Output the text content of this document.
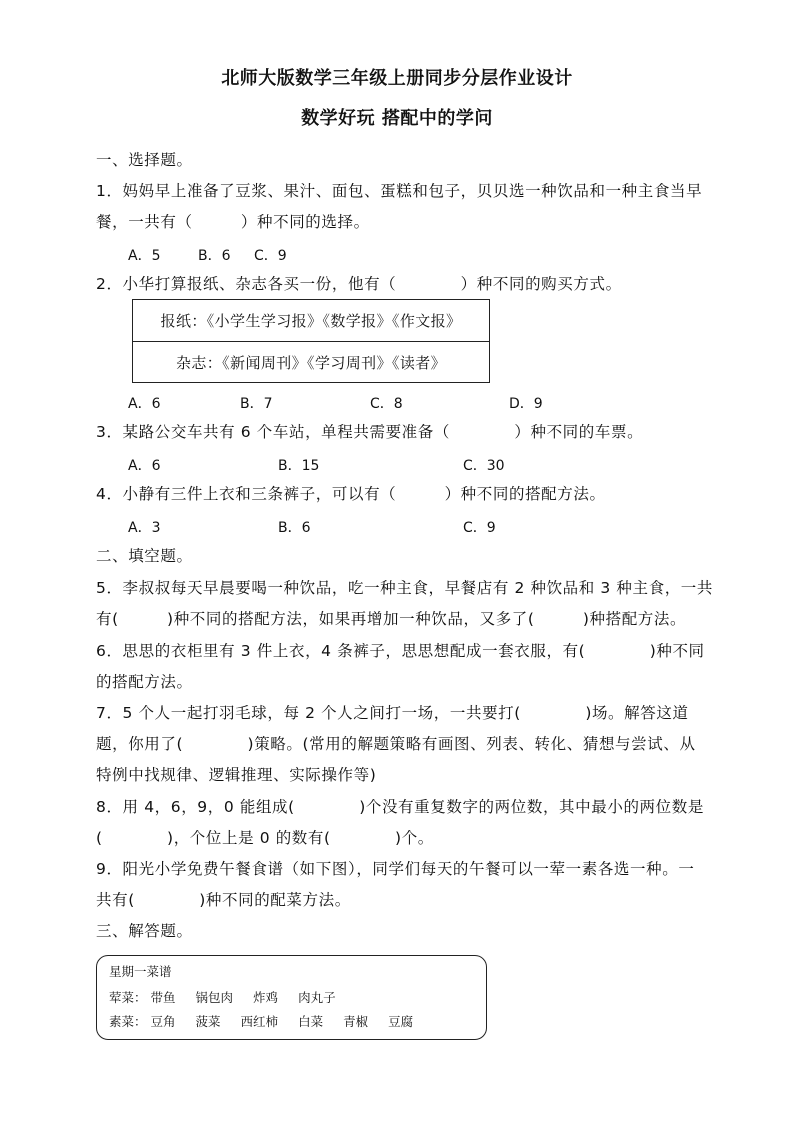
北师大版数学三年级上册同步分层作业设计
数学好玩 搭配中的学问
一、选择题。
1．妈妈早上准备了豆浆、果汁、面包、蛋糕和包子，贝贝选一种饮品和一种主食当早
餐，一共有（　　　）种不同的选择。
A．5	B．6 C．9
2．小华打算报纸、杂志各买一份，他有（　　　　）种不同的购买方式。
报纸：《小学生学习报》《数学报》《作文报》
杂志：《新闻周刊》《学习周刊》《读者》
A．6	B．7	C．8	D．9
3．某路公交车共有 6 个车站，单程共需要准备（　　　　）种不同的车票。
A．6	B．15	C．30
4．小静有三件上衣和三条裤子，可以有（　　　）种不同的搭配方法。
A．3	B．6	C．9
二、填空题。
5．李叔叔每天早晨要喝一种饮品，吃一种主食，早餐店有 2 种饮品和 3 种主食，一共
有(　　　)种不同的搭配方法，如果再增加一种饮品，又多了(　　　)种搭配方法。
6．思思的衣柜里有 3 件上衣，4 条裤子，思思想配成一套衣服，有(　　　　)种不同
的搭配方法。
7．5 个人一起打羽毛球，每 2 个人之间打一场，一共要打(　　　　)场。解答这道
题，你用了(　　　　)策略。(常用的解题策略有画图、列表、转化、猜想与尝试、从
特例中找规律、逻辑推理、实际操作等)
8．用 4，6，9，0 能组成(　　　　)个没有重复数字的两位数，其中最小的两位数是
(　　　　)，个位上是 0 的数有(　　　　)个。
9．阳光小学免费午餐食谱（如下图），同学们每天的午餐可以一荤一素各选一种。一
共有(　　　　)种不同的配菜方法。
三、解答题。
星期一菜谱
荤菜： 带鱼 锅包肉 炸鸡 肉丸子
素菜： 豆角 菠菜 西红柿 白菜 青椒 豆腐
